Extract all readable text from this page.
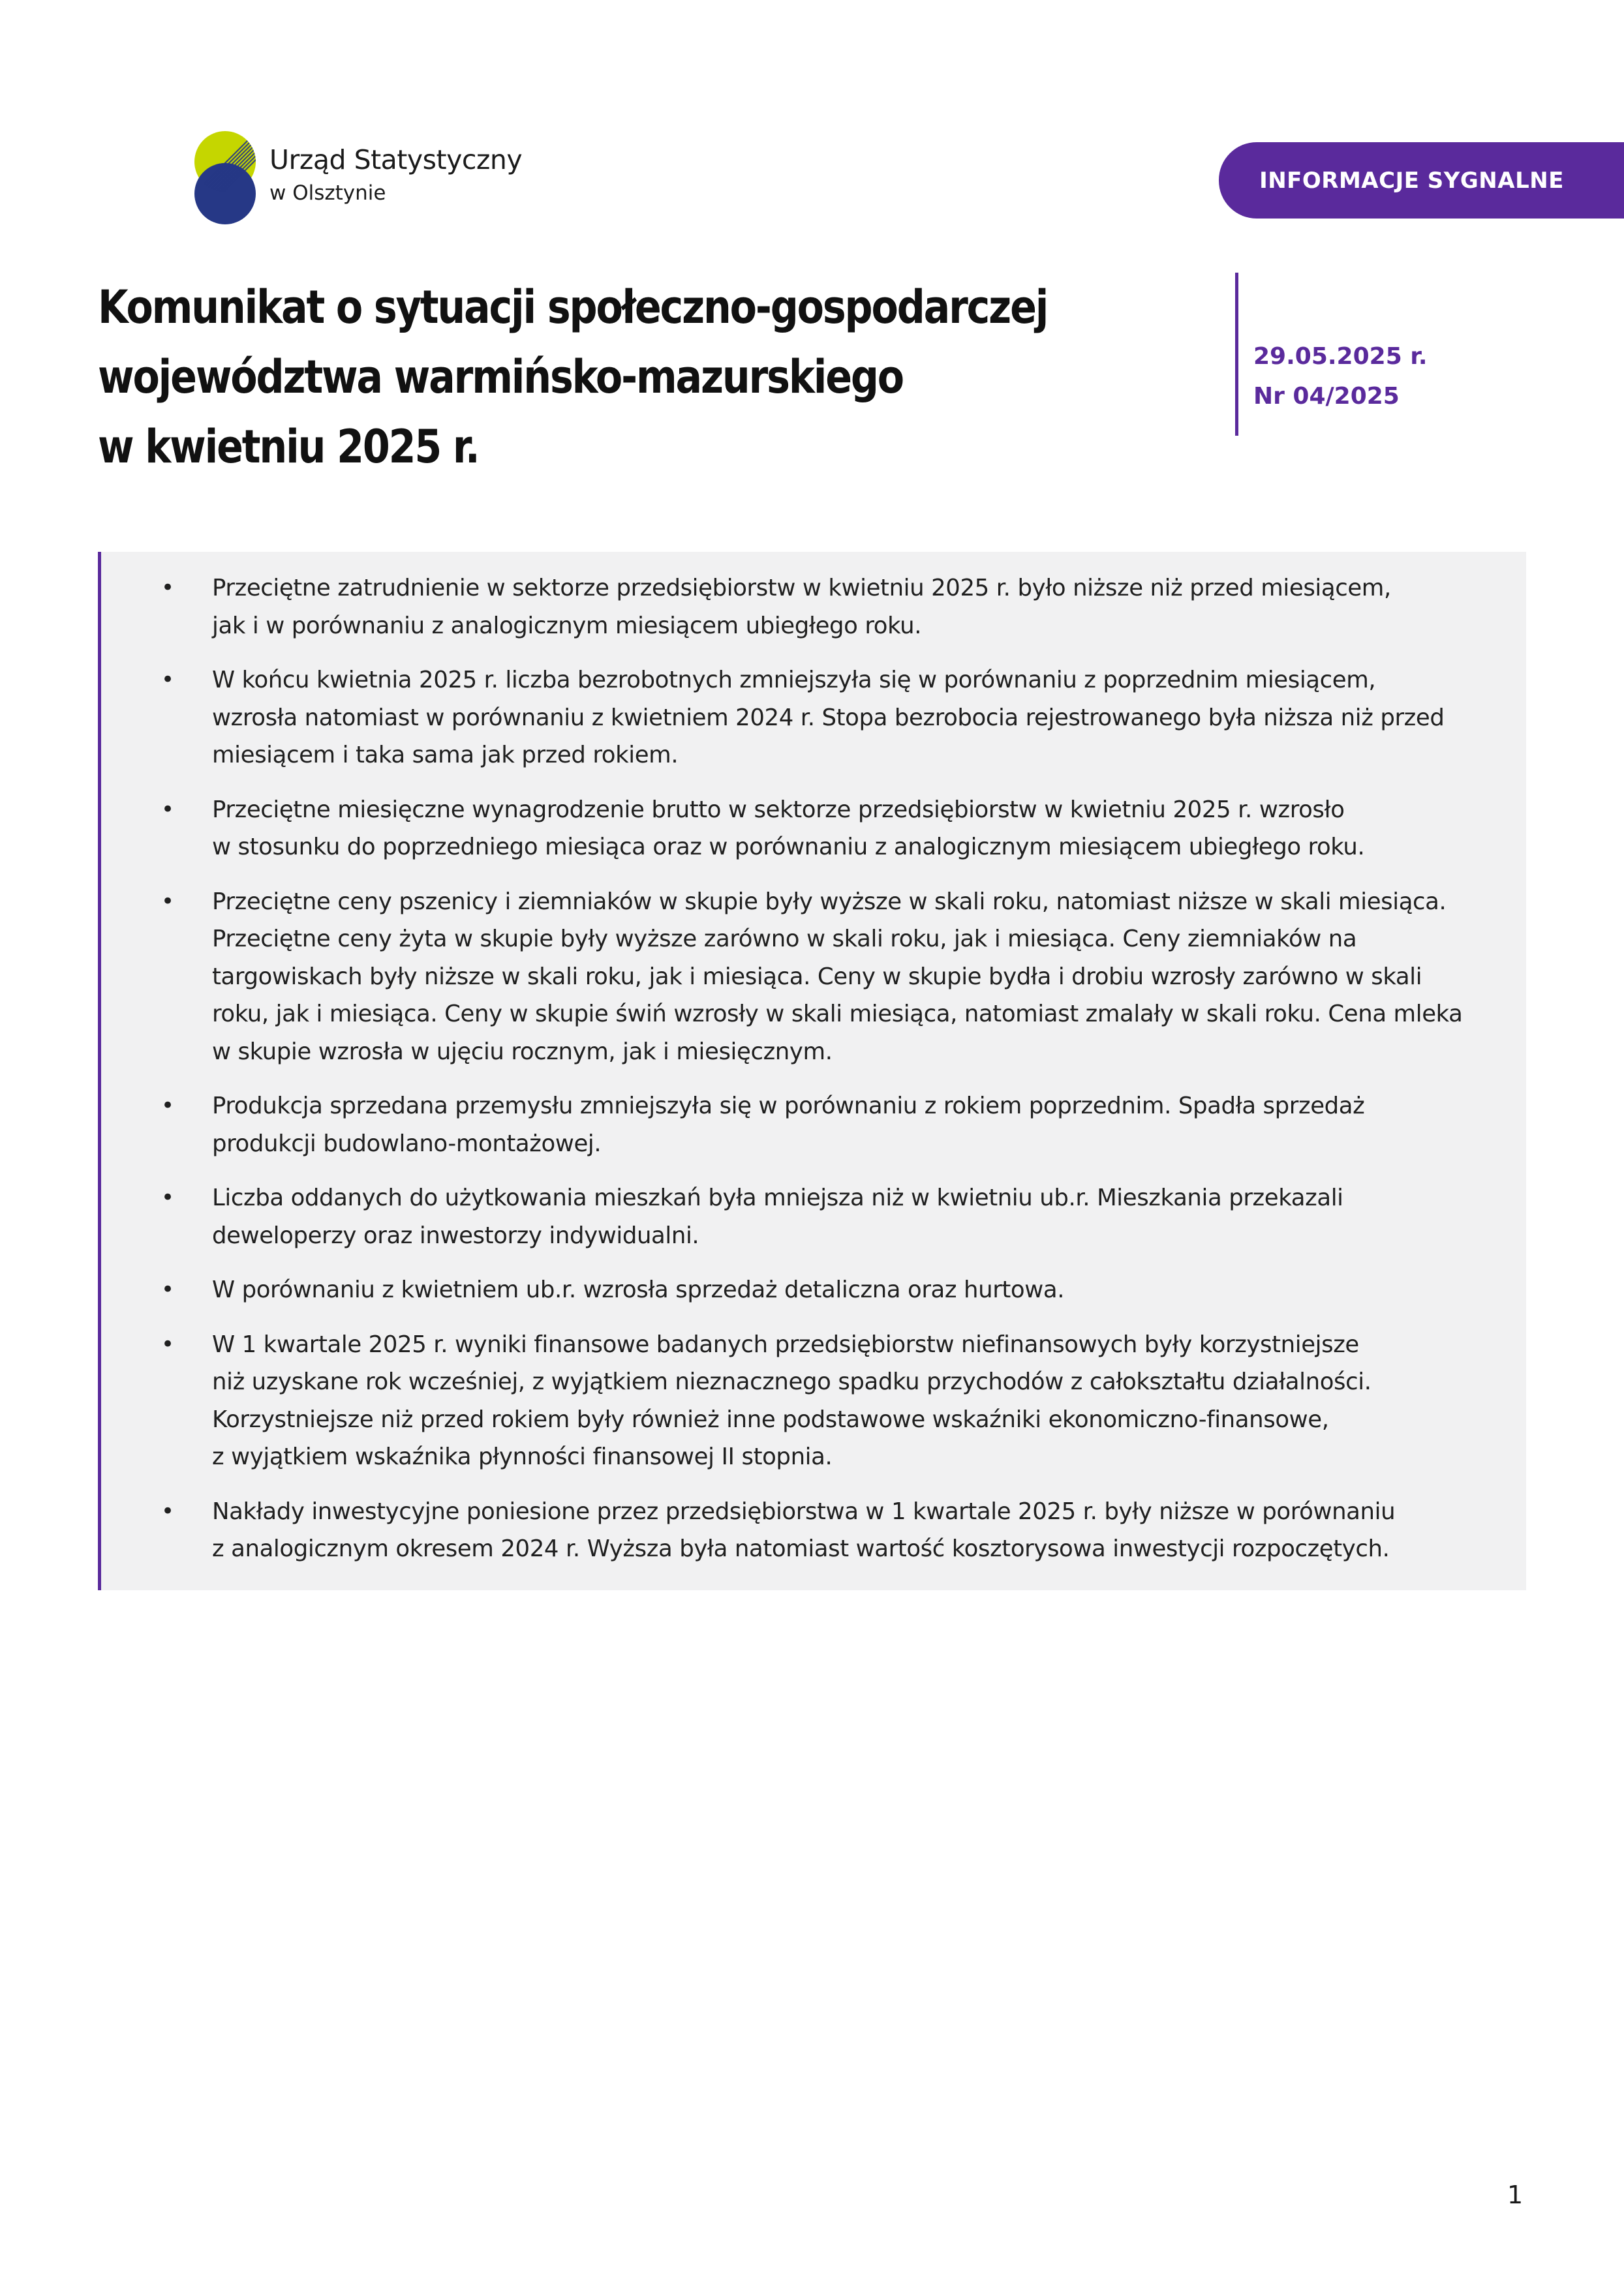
Urząd Statystyczny
w Olsztynie	INFORMACJE SYGNALNE
Komunikat o sytuacji społeczno-gospodarczej
województwa warmińsko-mazurskiego
w kwietniu 2025 r.
29.05.2025 r.
Nr 04/2025
• Przeciętne zatrudnienie w sektorze przedsiębiorstw w kwietniu 2025 r. było niższe niż przed miesiącem,
jak i w porównaniu z analogicznym miesiącem ubiegłego roku.
• W końcu kwietnia 2025 r. liczba bezrobotnych zmniejszyła się w porównaniu z poprzednim miesiącem,
wzrosła natomiast w porównaniu z kwietniem 2024 r. Stopa bezrobocia rejestrowanego była niższa niż przed
miesiącem i taka sama jak przed rokiem.
• Przeciętne miesięczne wynagrodzenie brutto w sektorze przedsiębiorstw w kwietniu 2025 r. wzrosło
w stosunku do poprzedniego miesiąca oraz w porównaniu z analogicznym miesiącem ubiegłego roku.
• Przeciętne ceny pszenicy i ziemniaków w skupie były wyższe w skali roku, natomiast niższe w skali miesiąca.
Przeciętne ceny żyta w skupie były wyższe zarówno w skali roku, jak i miesiąca. Ceny ziemniaków na
targowiskach były niższe w skali roku, jak i miesiąca. Ceny w skupie bydła i drobiu wzrosły zarówno w skali
roku, jak i miesiąca. Ceny w skupie świń wzrosły w skali miesiąca, natomiast zmalały w skali roku. Cena mleka
w skupie wzrosła w ujęciu rocznym, jak i miesięcznym.
• Produkcja sprzedana przemysłu zmniejszyła się w porównaniu z rokiem poprzednim. Spadła sprzedaż
produkcji budowlano-montażowej.
• Liczba oddanych do użytkowania mieszkań była mniejsza niż w kwietniu ub.r. Mieszkania przekazali
deweloperzy oraz inwestorzy indywidualni.
• W porównaniu z kwietniem ub.r. wzrosła sprzedaż detaliczna oraz hurtowa.
• W 1 kwartale 2025 r. wyniki finansowe badanych przedsiębiorstw niefinansowych były korzystniejsze
niż uzyskane rok wcześniej, z wyjątkiem nieznacznego spadku przychodów z całokształtu działalności.
Korzystniejsze niż przed rokiem były również inne podstawowe wskaźniki ekonomiczno-finansowe,
z wyjątkiem wskaźnika płynności finansowej II stopnia.
• Nakłady inwestycyjne poniesione przez przedsiębiorstwa w 1 kwartale 2025 r. były niższe w porównaniu
z analogicznym okresem 2024 r. Wyższa była natomiast wartość kosztorysowa inwestycji rozpoczętych.
1
